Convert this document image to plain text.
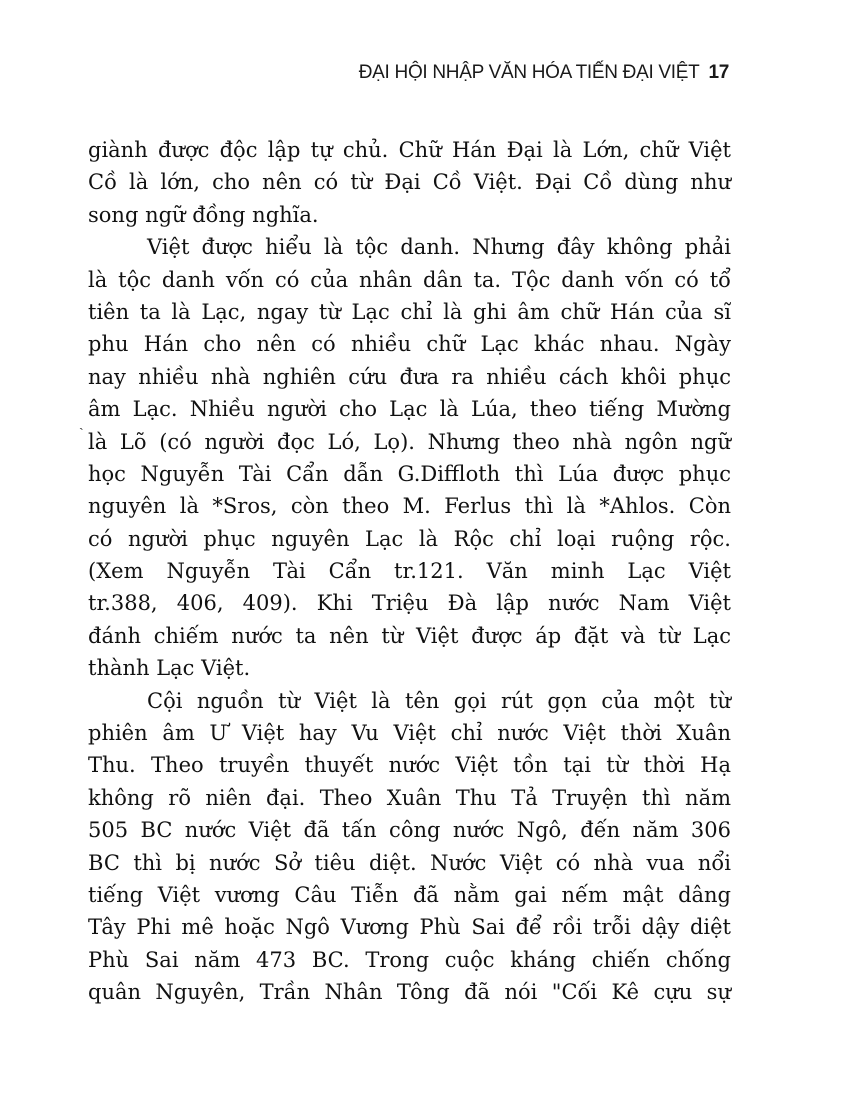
ĐẠI HỘI NHẬP VĂN HÓA TIẾN ĐẠI VIỆT 17
giành được độc lập tự chủ. Chữ Hán Đại là Lớn, chữ Việt
Cồ là lớn, cho nên có từ Đại Cồ Việt. Đại Cồ dùng như
song ngữ đồng nghĩa.
Việt được hiểu là tộc danh. Nhưng đây không phải
là tộc danh vốn có của nhân dân ta. Tộc danh vốn có tổ
tiên ta là Lạc, ngay từ Lạc chỉ là ghi âm chữ Hán của sĩ
phu Hán cho nên có nhiều chữ Lạc khác nhau. Ngày
nay nhiều nhà nghiên cứu đưa ra nhiều cách khôi phục
ˎ
âm Lạc. Nhiều người cho Lạc là Lúa, theo tiếng Mường
là Lõ (có người đọc Ló, Lọ). Nhưng theo nhà ngôn ngữ
học Nguyễn Tài Cẩn dẫn G.Diffloth thì Lúa được phục
nguyên là *Sros, còn theo M. Ferlus thì là *Ahlos. Còn
có người phục nguyên Lạc là Rộc chỉ loại ruộng rộc.
(Xem Nguyễn Tài Cẩn tr.121. Văn minh Lạc Việt
tr.388, 406, 409). Khi Triệu Đà lập nước Nam Việt
đánh chiếm nước ta nên từ Việt được áp đặt và từ Lạc
thành Lạc Việt.
Cội nguồn từ Việt là tên gọi rút gọn của một từ
phiên âm Ư Việt hay Vu Việt chỉ nước Việt thời Xuân
Thu. Theo truyền thuyết nước Việt tồn tại từ thời Hạ
không rõ niên đại. Theo Xuân Thu Tả Truyện thì năm
505 BC nước Việt đã tấn công nước Ngô, đến năm 306
BC thì bị nước Sở tiêu diệt. Nước Việt có nhà vua nổi
tiếng Việt vương Câu Tiễn đã nằm gai nếm mật dâng
Tây Phi mê hoặc Ngô Vương Phù Sai để rồi trỗi dậy diệt
Phù Sai năm 473 BC. Trong cuộc kháng chiến chống
quân Nguyên, Trần Nhân Tông đã nói "Cối Kê cựu sự
